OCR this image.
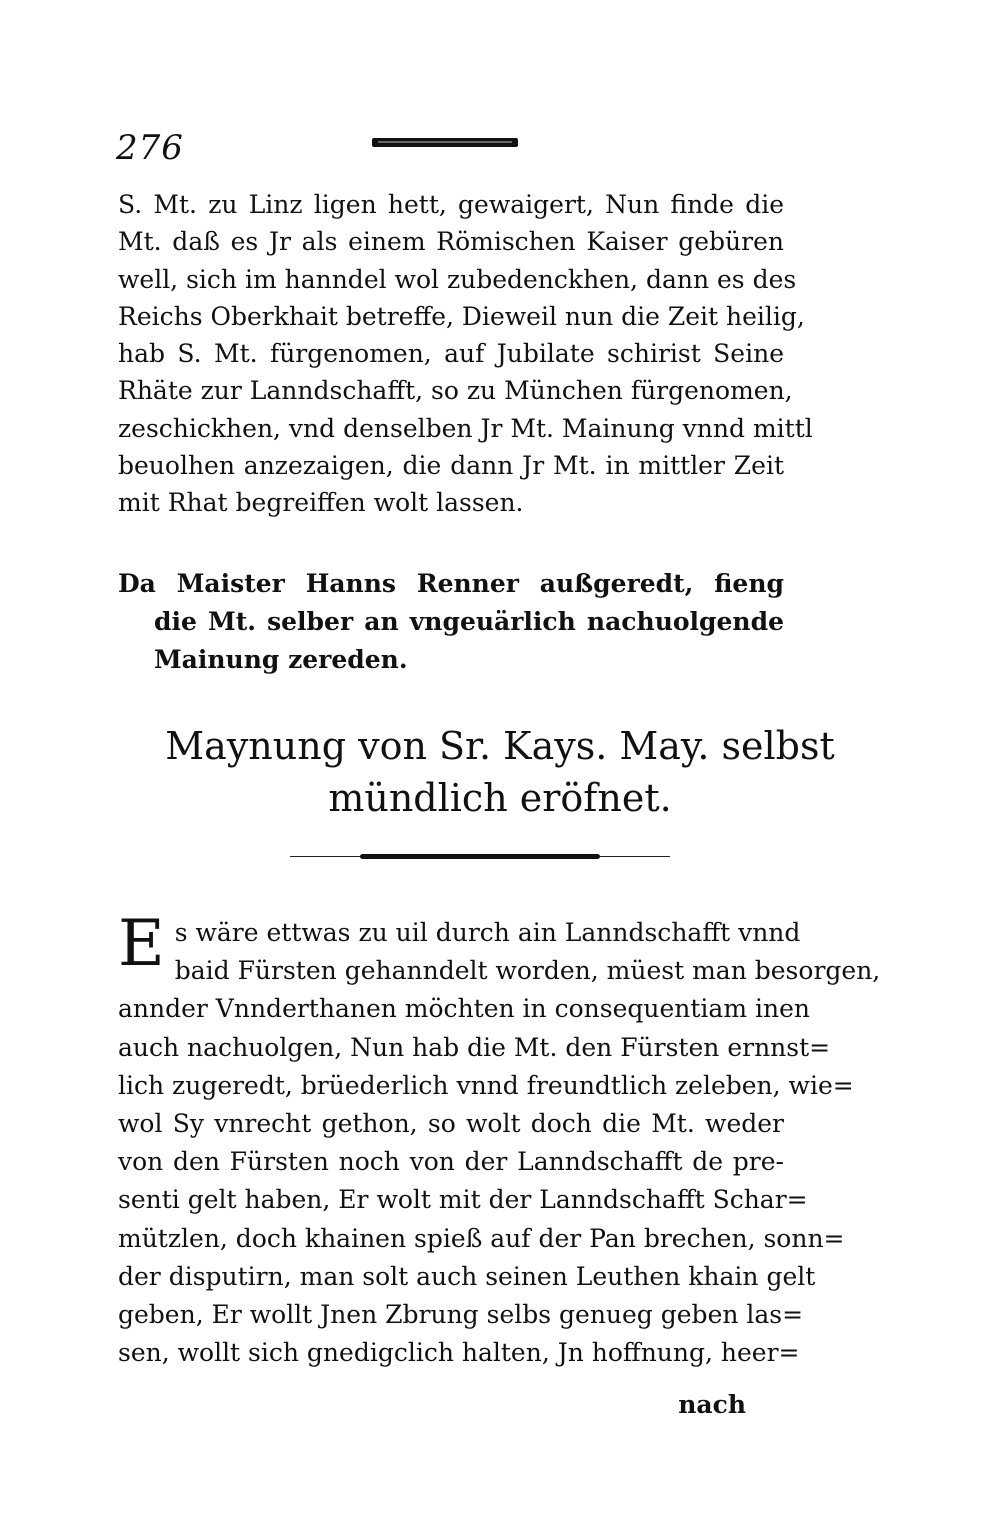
276
S. Mt. zu Linz ligen hett, gewaigert, Nun finde die
Mt. daß es Jr als einem Römischen Kaiser gebüren
well, sich im hanndel wol zubedenckhen, dann es des
Reichs Oberkhait betreffe, Dieweil nun die Zeit heilig,
hab S. Mt. fürgenomen, auf Jubilate schirist Seine
Rhäte zur Lanndschafft, so zu München fürgenomen,
zeschickhen, vnd denselben Jr Mt. Mainung vnnd mittl
beuolhen anzezaigen, die dann Jr Mt. in mittler Zeit
mit Rhat begreiffen wolt lassen.
Da Maister Hanns Renner außgeredt, fieng
die Mt. selber an vngeuärlich nachuolgende
Mainung zereden.
Maynung von Sr. Kays. May. selbst
mündlich eröfnet.
E s wäre ettwas zu uil durch ain Lanndschafft vnnd
baid Fürsten gehanndelt worden, müest man besorgen,
annder Vnnderthanen möchten in consequentiam inen
auch nachuolgen, Nun hab die Mt. den Fürsten ernnst=
lich zugeredt, brüederlich vnnd freundtlich zeleben, wie=
wol Sy vnrecht gethon, so wolt doch die Mt. weder
von den Fürsten noch von der Lanndschafft de pre-
senti gelt haben, Er wolt mit der Lanndschafft Schar=
mützlen, doch khainen spieß auf der Pan brechen, sonn=
der disputirn, man solt auch seinen Leuthen khain gelt
geben, Er wollt Jnen Zbrung selbs genueg geben las=
sen, wollt sich gnedigclich halten, Jn hoffnung, heer=
nach
